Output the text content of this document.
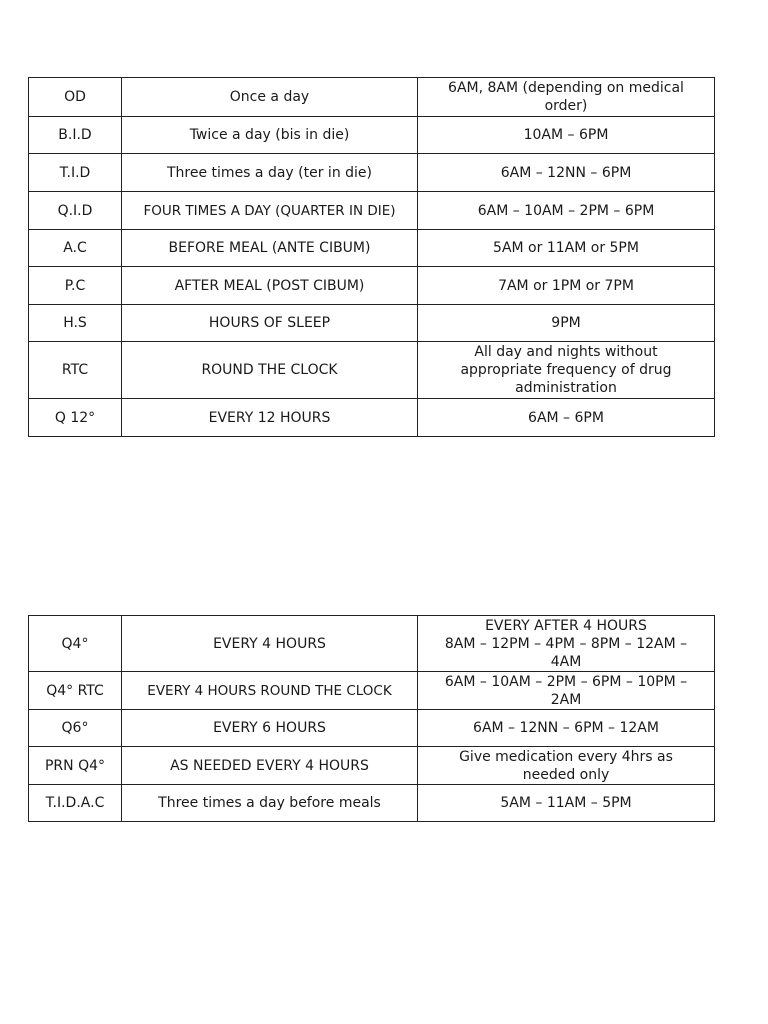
OD	Once a day	6AM, 8AM (depending on medical order)
B.I.D	Twice a day (bis in die)	10AM – 6PM
T.I.D	Three times a day (ter in die)	6AM – 12NN – 6PM
Q.I.D	FOUR TIMES A DAY (QUARTER IN DIE)	6AM – 10AM – 2PM – 6PM
A.C	BEFORE MEAL (ANTE CIBUM)	5AM or 11AM or 5PM
P.C	AFTER MEAL (POST CIBUM)	7AM or 1PM or 7PM
H.S	HOURS OF SLEEP	9PM
RTC	ROUND THE CLOCK	All day and nights without appropriate frequency of drug administration
Q 12°	EVERY 12 HOURS	6AM – 6PM
Q4°	EVERY 4 HOURS	EVERY AFTER 4 HOURS
8AM – 12PM – 4PM – 8PM – 12AM – 4AM
Q4° RTC	EVERY 4 HOURS ROUND THE CLOCK	6AM – 10AM – 2PM – 6PM – 10PM – 2AM
Q6°	EVERY 6 HOURS	6AM – 12NN – 6PM – 12AM
PRN Q4°	AS NEEDED EVERY 4 HOURS	Give medication every 4hrs as needed only
T.I.D.A.C	Three times a day before meals	5AM – 11AM – 5PM
